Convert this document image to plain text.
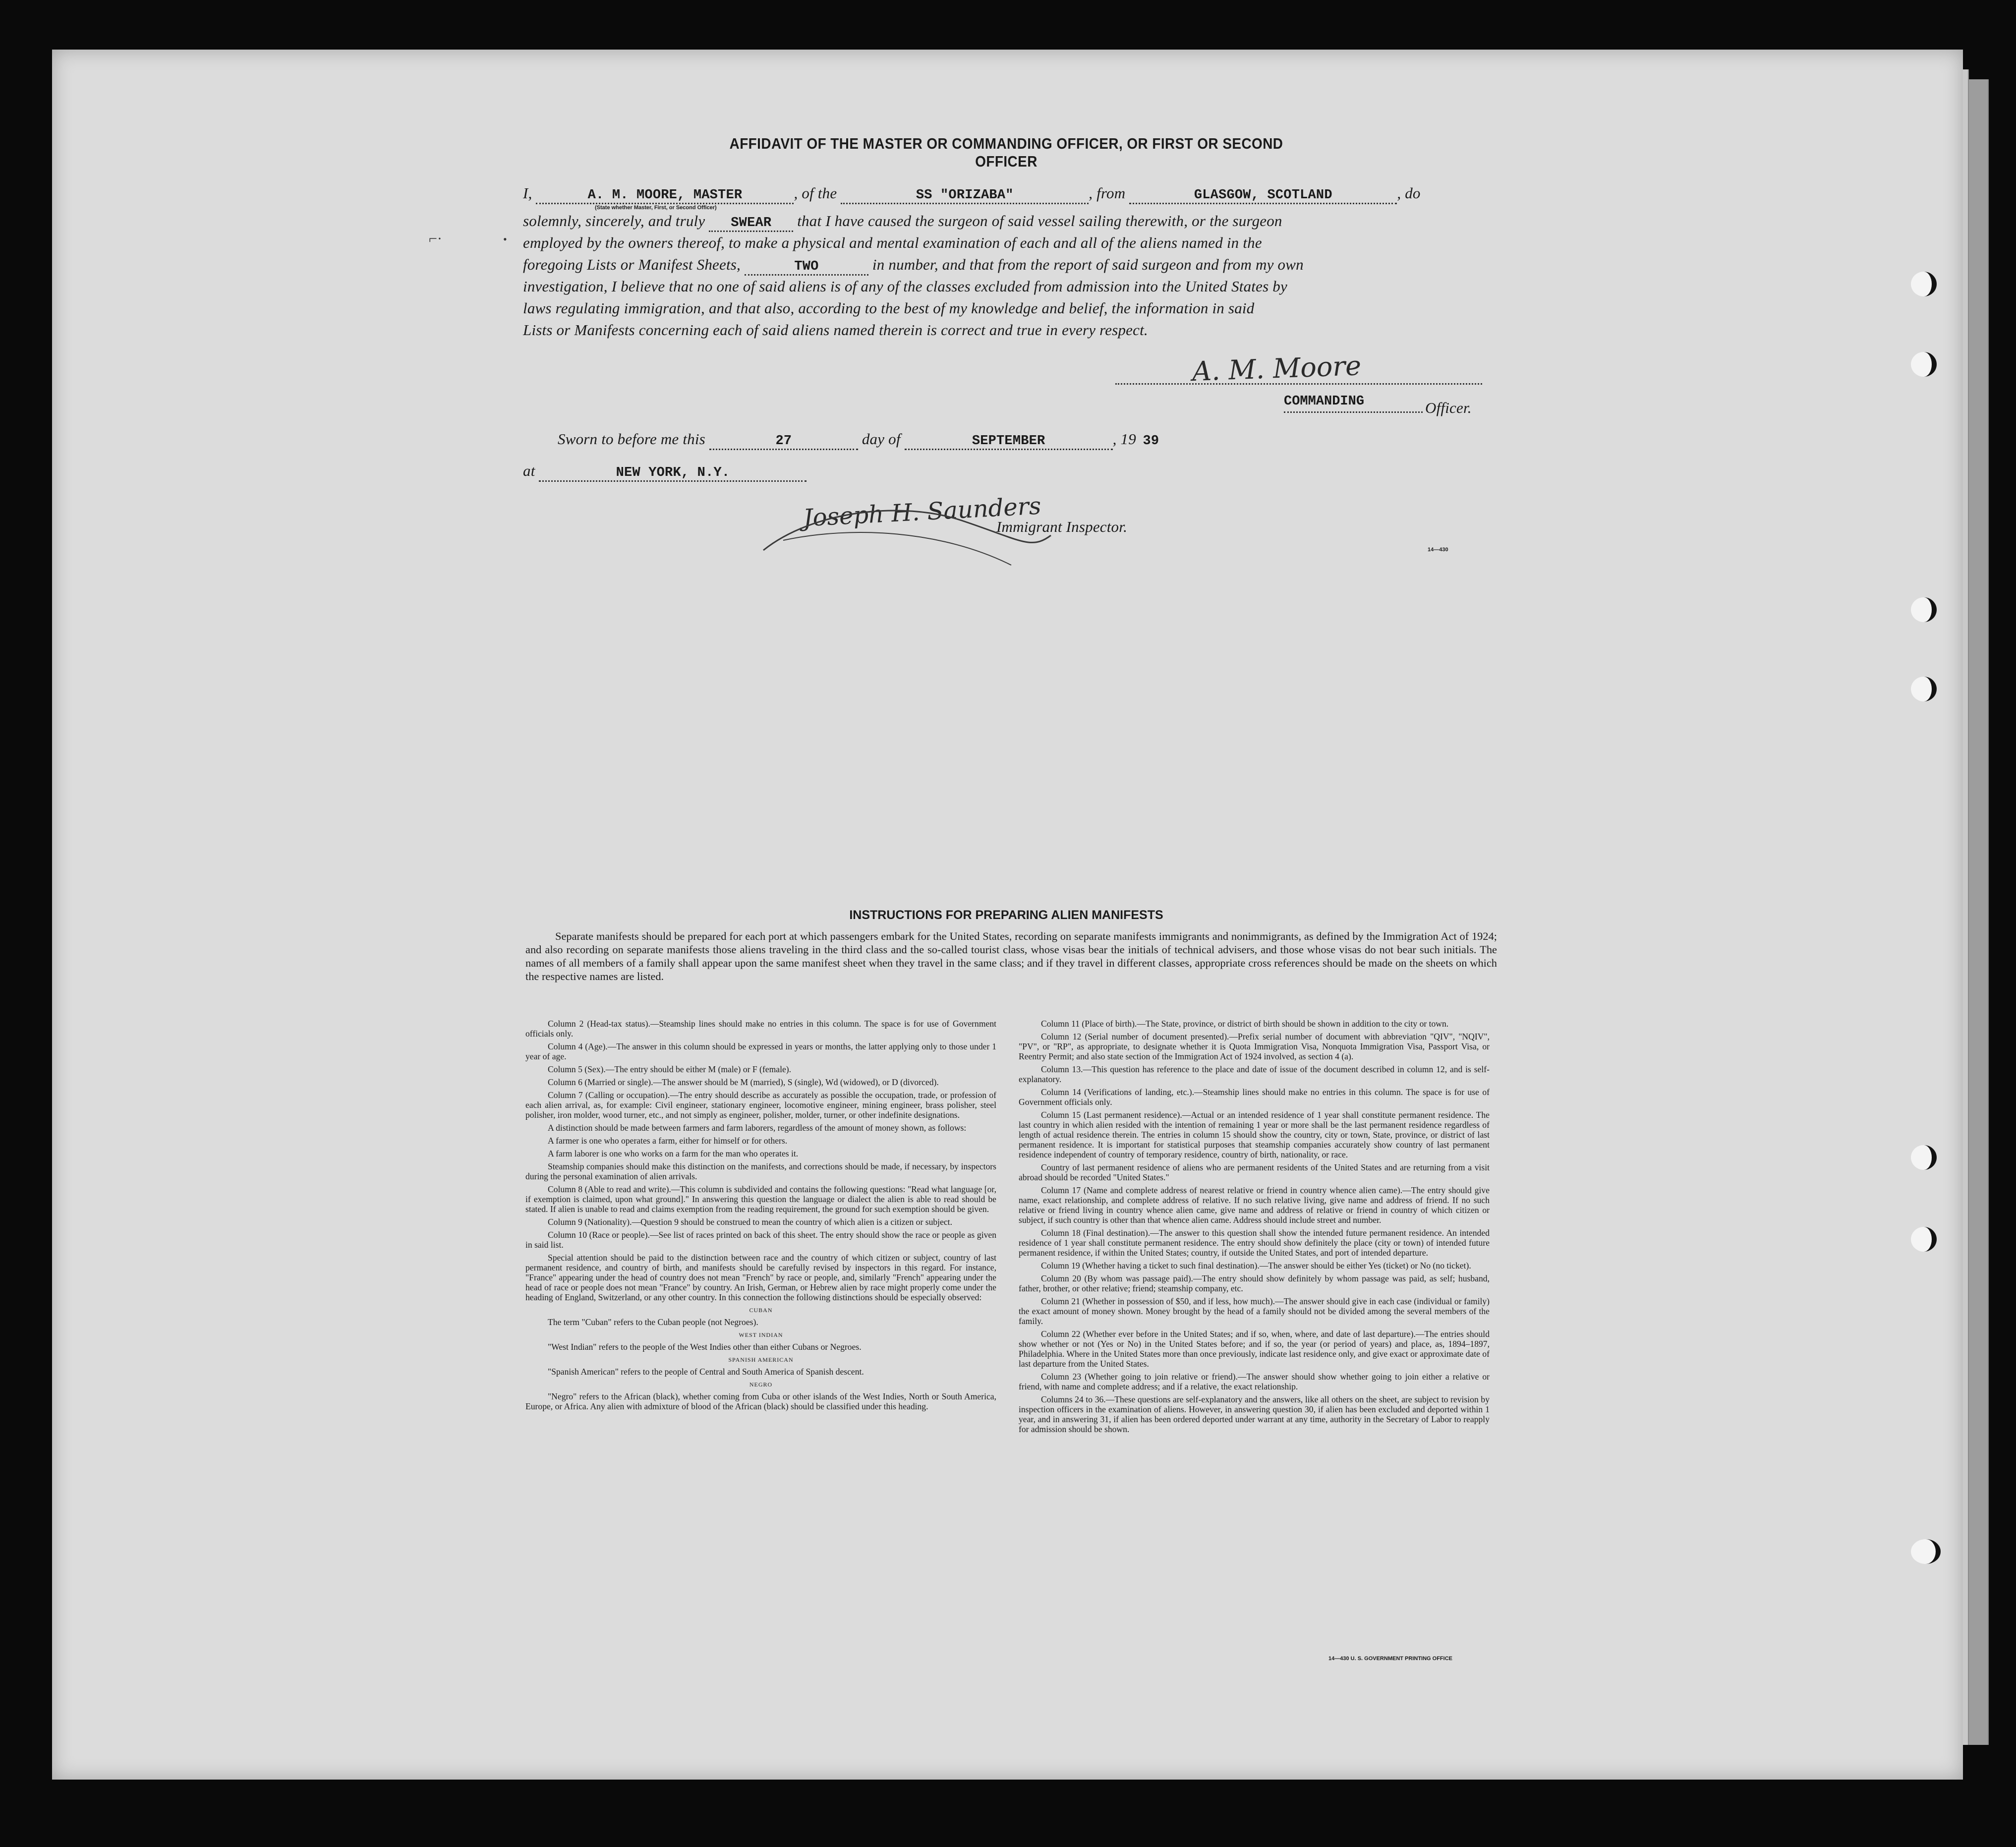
⌐·	•
AFFIDAVIT OF THE MASTER OR COMMANDING OFFICER, OR FIRST OR SECOND OFFICER
I,	A. M. MOORE, MASTER	, of the	SS "ORIZABA"	, from	GLASGOW, SCOTLAND	, do
(State whether Master, First, or Second Officer)
solemnly, sincerely, and truly SWEAR that I have caused the surgeon of said vessel sailing therewith, or the surgeon
employed by the owners thereof, to make a physical and mental examination of each and all of the aliens named in the
foregoing Lists or Manifest Sheets,	TWO	in number, and that from the report of said surgeon and from my own
investigation, I believe that no one of said aliens is of any of the classes excluded from admission into the United States by
laws regulating immigration, and that also, according to the best of my knowledge and belief, the information in said
Lists or Manifests concerning each of said aliens named therein is correct and true in every respect.
A. M. Moore
COMMANDING	Officer.
Sworn to before me this	27	day of	SEPTEMBER	, 19 39
at	NEW YORK, N.Y.
Joseph H. Saunders
Immigrant Inspector.
14—430
INSTRUCTIONS FOR PREPARING ALIEN MANIFESTS
Separate manifests should be prepared for each port at which passengers embark for the United States, recording on separate manifests immigrants and nonimmigrants, as defined by the Immigration Act of 1924; and also recording on separate manifests those aliens traveling in the third class and the so-called tourist class, whose visas bear the initials of technical advisers, and those whose visas do not bear such initials. The names of all members of a family shall appear upon the same manifest sheet when they travel in the same class; and if they travel in different classes, appropriate cross references should be made on the sheets on which the respective names are listed.

Column 2 (Head-tax status).—Steamship lines should make no entries in this column. The space is for use of Government officials only.

Column 4 (Age).—The answer in this column should be expressed in years or months, the latter applying only to those under 1 year of age.

Column 5 (Sex).—The entry should be either M (male) or F (female).

Column 6 (Married or single).—The answer should be M (married), S (single), Wd (widowed), or D (divorced).

Column 7 (Calling or occupation).—The entry should describe as accurately as possible the occupation, trade, or profession of each alien arrival, as, for example: Civil engineer, stationary engineer, locomotive engineer, mining engineer, brass polisher, steel polisher, iron molder, wood turner, etc., and not simply as engineer, polisher, molder, turner, or other indefinite designations.

A distinction should be made between farmers and farm laborers, regardless of the amount of money shown, as follows:

A farmer is one who operates a farm, either for himself or for others.

A farm laborer is one who works on a farm for the man who operates it.

Steamship companies should make this distinction on the manifests, and corrections should be made, if necessary, by inspectors during the personal examination of alien arrivals.

Column 8 (Able to read and write).—This column is subdivided and contains the following questions: "Read what language [or, if exemption is claimed, upon what ground]." In answering this question the language or dialect the alien is able to read should be stated. If alien is unable to read and claims exemption from the reading requirement, the ground for such exemption should be given.

Column 9 (Nationality).—Question 9 should be construed to mean the country of which alien is a citizen or subject.

Column 10 (Race or people).—See list of races printed on back of this sheet. The entry should show the race or people as given in said list.

Special attention should be paid to the distinction between race and the country of which citizen or subject, country of last permanent residence, and country of birth, and manifests should be carefully revised by inspectors in this regard. For instance, "France" appearing under the head of country does not mean "French" by race or people, and, similarly "French" appearing under the head of race or people does not mean "France" by country. An Irish, German, or Hebrew alien by race might properly come under the heading of England, Switzerland, or any other country. In this connection the following distinctions should be especially observed:

CUBAN

The term "Cuban" refers to the Cuban people (not Negroes).

WEST INDIAN

"West Indian" refers to the people of the West Indies other than either Cubans or Negroes.

SPANISH AMERICAN

"Spanish American" refers to the people of Central and South America of Spanish descent.

NEGRO

"Negro" refers to the African (black), whether coming from Cuba or other islands of the West Indies, North or South America, Europe, or Africa. Any alien with admixture of blood of the African (black) should be classified under this heading.

Column 11 (Place of birth).—The State, province, or district of birth should be shown in addition to the city or town.

Column 12 (Serial number of document presented).—Prefix serial number of document with abbreviation "QIV", "NQIV", "PV", or "RP", as appropriate, to designate whether it is Quota Immigration Visa, Nonquota Immigration Visa, Passport Visa, or Reentry Permit; and also state section of the Immigration Act of 1924 involved, as section 4 (a).

Column 13.—This question has reference to the place and date of issue of the document described in column 12, and is self-explanatory.

Column 14 (Verifications of landing, etc.).—Steamship lines should make no entries in this column. The space is for use of Government officials only.

Column 15 (Last permanent residence).—Actual or an intended residence of 1 year shall constitute permanent residence. The last country in which alien resided with the intention of remaining 1 year or more shall be the last permanent residence regardless of length of actual residence therein. The entries in column 15 should show the country, city or town, State, province, or district of last permanent residence. It is important for statistical purposes that steamship companies accurately show country of last permanent residence independent of country of temporary residence, country of birth, nationality, or race.

Country of last permanent residence of aliens who are permanent residents of the United States and are returning from a visit abroad should be recorded "United States."

Column 17 (Name and complete address of nearest relative or friend in country whence alien came).—The entry should give name, exact relationship, and complete address of relative. If no such relative living, give name and address of friend. If no such relative or friend living in country whence alien came, give name and address of relative or friend in country of which citizen or subject, if such country is other than that whence alien came. Address should include street and number.

Column 18 (Final destination).—The answer to this question shall show the intended future permanent residence. An intended residence of 1 year shall constitute permanent residence. The entry should show definitely the place (city or town) of intended future permanent residence, if within the United States; country, if outside the United States, and port of intended departure.

Column 19 (Whether having a ticket to such final destination).—The answer should be either Yes (ticket) or No (no ticket).

Column 20 (By whom was passage paid).—The entry should show definitely by whom passage was paid, as self; husband, father, brother, or other relative; friend; steamship company, etc.

Column 21 (Whether in possession of $50, and if less, how much).—The answer should give in each case (individual or family) the exact amount of money shown. Money brought by the head of a family should not be divided among the several members of the family.

Column 22 (Whether ever before in the United States; and if so, when, where, and date of last departure).—The entries should show whether or not (Yes or No) in the United States before; and if so, the year (or period of years) and place, as, 1894–1897, Philadelphia. Where in the United States more than once previously, indicate last residence only, and give exact or approximate date of last departure from the United States.

Column 23 (Whether going to join relative or friend).—The answer should show whether going to join either a relative or friend, with name and complete address; and if a relative, the exact relationship.

Columns 24 to 36.—These questions are self-explanatory and the answers, like all others on the sheet, are subject to revision by inspection officers in the examination of aliens. However, in answering question 30, if alien has been excluded and deported within 1 year, and in answering 31, if alien has been ordered deported under warrant at any time, authority in the Secretary of Labor to reapply for admission should be shown.

14—430 U. S. GOVERNMENT PRINTING OFFICE
